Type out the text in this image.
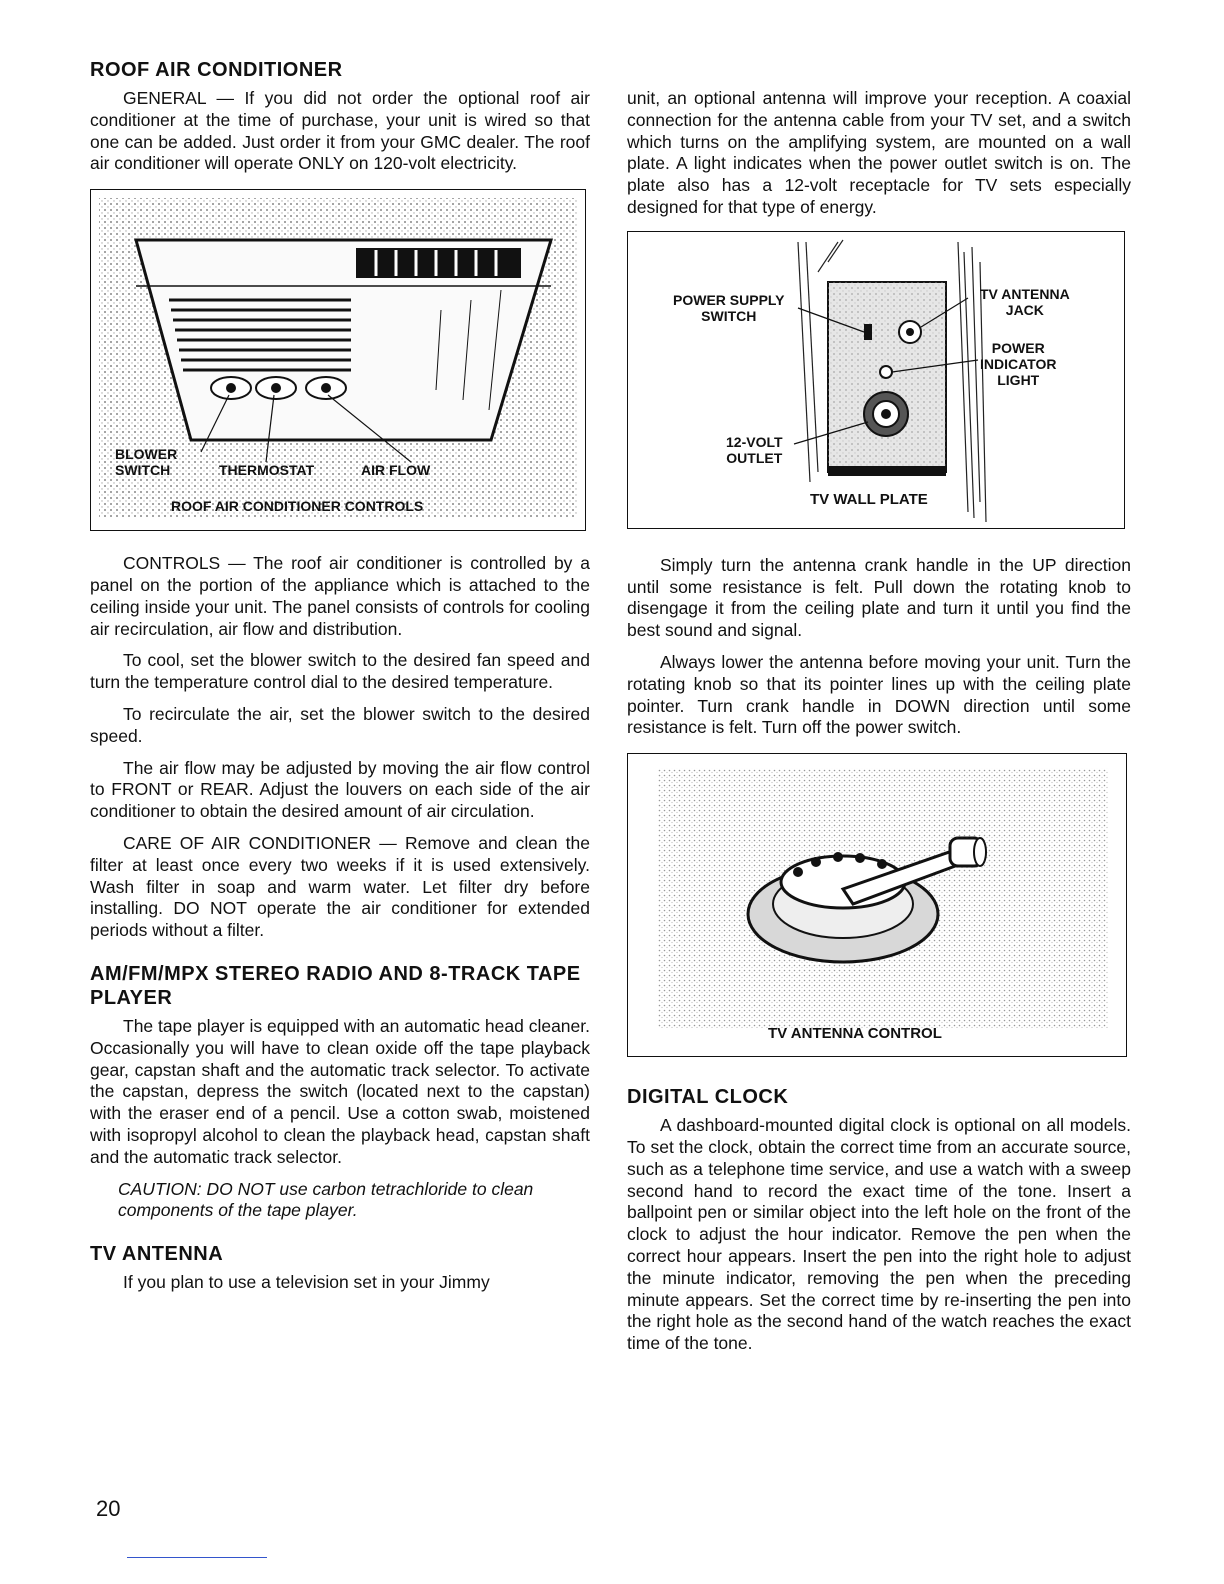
ROOF AIR CONDITIONER

GENERAL — If you did not order the optional roof air conditioner at the time of purchase, your unit is wired so that one can be added. Just order it from your GMC dealer. The roof air conditioner will operate ONLY on 120-volt electricity.

BLOWER
SWITCH	THERMOSTAT	AIR FLOW
ROOF AIR CONDITIONER CONTROLS

CONTROLS — The roof air conditioner is controlled by a panel on the portion of the appliance which is attached to the ceiling inside your unit. The panel consists of controls for cooling air recirculation, air flow and distribution.

To cool, set the blower switch to the desired fan speed and turn the temperature control dial to the desired temperature.

To recirculate the air, set the blower switch to the desired speed.

The air flow may be adjusted by moving the air flow control to FRONT or REAR. Adjust the louvers on each side of the air conditioner to obtain the desired amount of air circulation.

CARE OF AIR CONDITIONER — Remove and clean the filter at least once every two weeks if it is used extensively. Wash filter in soap and warm water. Let filter dry before installing. DO NOT operate the air conditioner for extended periods without a filter.

AM/FM/MPX STEREO RADIO AND 8-TRACK TAPE PLAYER

The tape player is equipped with an automatic head cleaner. Occasionally you will have to clean oxide off the tape playback gear, capstan shaft and the automatic track selector. To activate the capstan, depress the switch (located next to the capstan) with the eraser end of a pencil. Use a cotton swab, moistened with isopropyl alcohol to clean the playback head, capstan shaft and the automatic track selector.

CAUTION: DO NOT use carbon tetrachloride to clean components of the tape player.

TV ANTENNA

If you plan to use a television set in your Jimmy

unit, an optional antenna will improve your reception. A coaxial connection for the antenna cable from your TV set, and a switch which turns on the amplifying system, are mounted on a wall plate. A light indicates when the power outlet switch is on. The plate also has a 12-volt receptacle for TV sets especially designed for that type of energy.

POWER SUPPLY
SWITCH
TV ANTENNA
JACK
POWER
INDICATOR
LIGHT
12-VOLT
OUTLET
TV WALL PLATE

Simply turn the antenna crank handle in the UP direction until some resistance is felt. Pull down the rotating knob to disengage it from the ceiling plate and turn it until you find the best sound and signal.

Always lower the antenna before moving your unit. Turn the rotating knob so that its pointer lines up with the ceiling plate pointer. Turn crank handle in DOWN direction until some resistance is felt. Turn off the power switch.

TV ANTENNA CONTROL
DIGITAL CLOCK

A dashboard-mounted digital clock is optional on all models. To set the clock, obtain the correct time from an accurate source, such as a telephone time service, and use a watch with a sweep second hand to record the exact time of the tone. Insert a ballpoint pen or similar object into the left hole on the front of the clock to adjust the hour indicator. Remove the pen when the correct hour appears. Insert the pen into the right hole to adjust the minute indicator, removing the pen when the preceding minute appears. Set the correct time by re-inserting the pen into the right hole as the second hand of the watch reaches the exact time of the tone.

20
